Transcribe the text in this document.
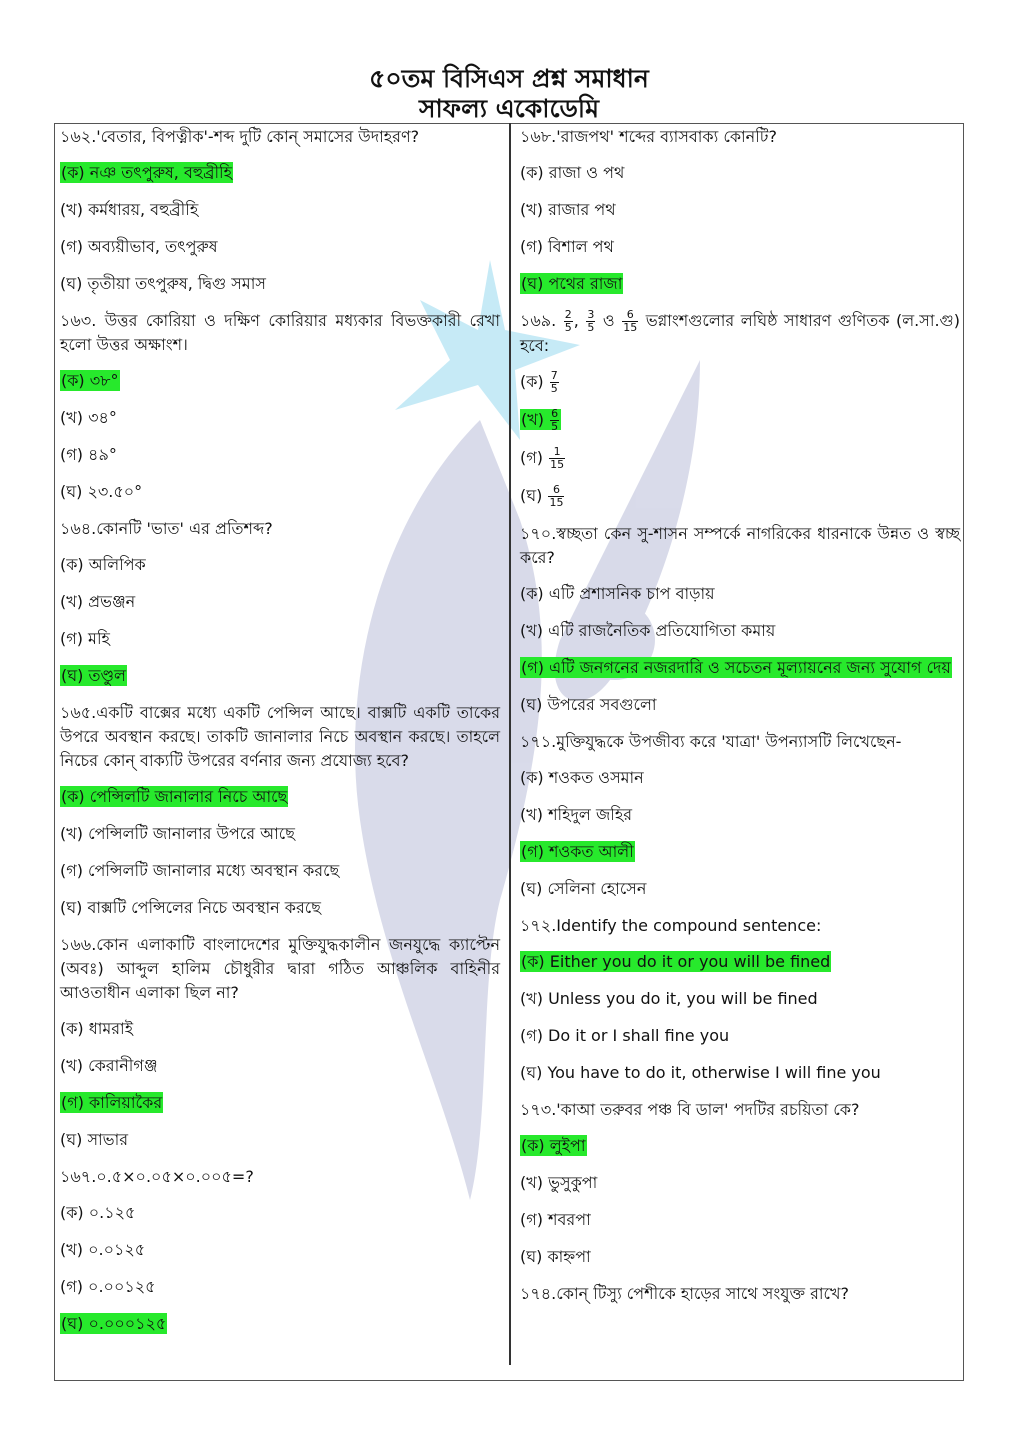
৫০তম বিসিএস প্রশ্ন সমাধান
সাফল্য একোডেমি
১৬২.'বেতার, বিপত্নীক'-শব্দ দুটি কোন্ সমাসের উদাহরণ?
(ক) নঞ তৎপুরুষ, বহুব্রীহি
(খ) কর্মধারয়, বহুব্রীহি
(গ) অব্যয়ীভাব, তৎপুরুষ
(ঘ) তৃতীয়া তৎপুরুষ, দ্বিগু সমাস
১৬৩. উত্তর কোরিয়া ও দক্ষিণ কোরিয়ার মধ্যকার বিভক্তকারী রেখা হলো উত্তর অক্ষাংশ।
(ক) ৩৮°
(খ) ৩৪°
(গ) ৪৯°
(ঘ) ২৩.৫০°
১৬৪.কোনটি 'ভাত' এর প্রতিশব্দ?
(ক) অলিপিক
(খ) প্রভঞ্জন
(গ) মহি
(ঘ) তণ্ডুল
১৬৫.একটি বাক্সের মধ্যে একটি পেন্সিল আছে। বাক্সটি একটি তাকের উপরে অবস্থান করছে। তাকটি জানালার নিচে অবস্থান করছে। তাহলে নিচের কোন্ বাক্যটি উপরের বর্ণনার জন্য প্রযোজ্য হবে?
(ক) পেন্সিলটি জানালার নিচে আছে
(খ) পেন্সিলটি জানালার উপরে আছে
(গ) পেন্সিলটি জানালার মধ্যে অবস্থান করছে
(ঘ) বাক্সটি পেন্সিলের নিচে অবস্থান করছে
১৬৬.কোন এলাকাটি বাংলাদেশের মুক্তিযুদ্ধকালীন জনযুদ্ধে ক্যাপ্টেন (অবঃ) আব্দুল হালিম চৌধুরীর দ্বারা গঠিত আঞ্চলিক বাহিনীর আওতাধীন এলাকা ছিল না?
(ক) ধামরাই
(খ) কেরানীগঞ্জ
(গ) কালিয়াকৈর
(ঘ) সাভার
১৬৭.০.৫×০.০৫×০.০০৫=?
(ক) ০.১২৫
(খ) ০.০১২৫
(গ) ০.০০১২৫
(ঘ) ০.০০০১২৫
১৬৮.'রাজপথ' শব্দের ব্যাসবাক্য কোনটি?
(ক) রাজা ও পথ
(খ) রাজার পথ
(গ) বিশাল পথ
(ঘ) পথের রাজা
১৬৯. $\frac{2}{5}$ , $\frac{3}{5}$ ও $\frac{6}{15}$ ভগ্নাংশগুলোর লঘিষ্ঠ সাধারণ গুণিতক (ল.সা.গু) হবে:
(ক) $\frac{7}{5}$
(খ) $\frac{6}{5}$
(গ) $\frac{1}{15}$
(ঘ) $\frac{6}{15}$
১৭০.স্বচ্ছতা কেন সু-শাসন সম্পর্কে নাগরিকের ধারনাকে উন্নত ও স্বচ্ছ করে?
(ক) এটি প্রশাসনিক চাপ বাড়ায়
(খ) এটি রাজনৈতিক প্রতিযোগিতা কমায়
(গ) এটি জনগনের নজরদারি ও সচেতন মূল্যায়নের জন্য সুযোগ দেয়
(ঘ) উপরের সবগুলো
১৭১.মুক্তিযুদ্ধকে উপজীব্য করে 'যাত্রা' উপন্যাসটি লিখেছেন-
(ক) শওকত ওসমান
(খ) শহিদুল জহির
(গ) শওকত আলী
(ঘ) সেলিনা হোসেন
১৭২.Identify the compound sentence:
(ক) Either you do it or you will be fined
(খ) Unless you do it, you will be fined
(গ) Do it or I shall fine you
(ঘ) You have to do it, otherwise I will fine you
১৭৩.'কাআ তরুবর পঞ্চ বি ডাল' পদটির রচয়িতা কে?
(ক) লুইপা
(খ) ভুসুকুপা
(গ) শবরপা
(ঘ) কাহ্নপা
১৭৪.কোন্ টিস্যু পেশীকে হাড়ের সাথে সংযুক্ত রাখে?
